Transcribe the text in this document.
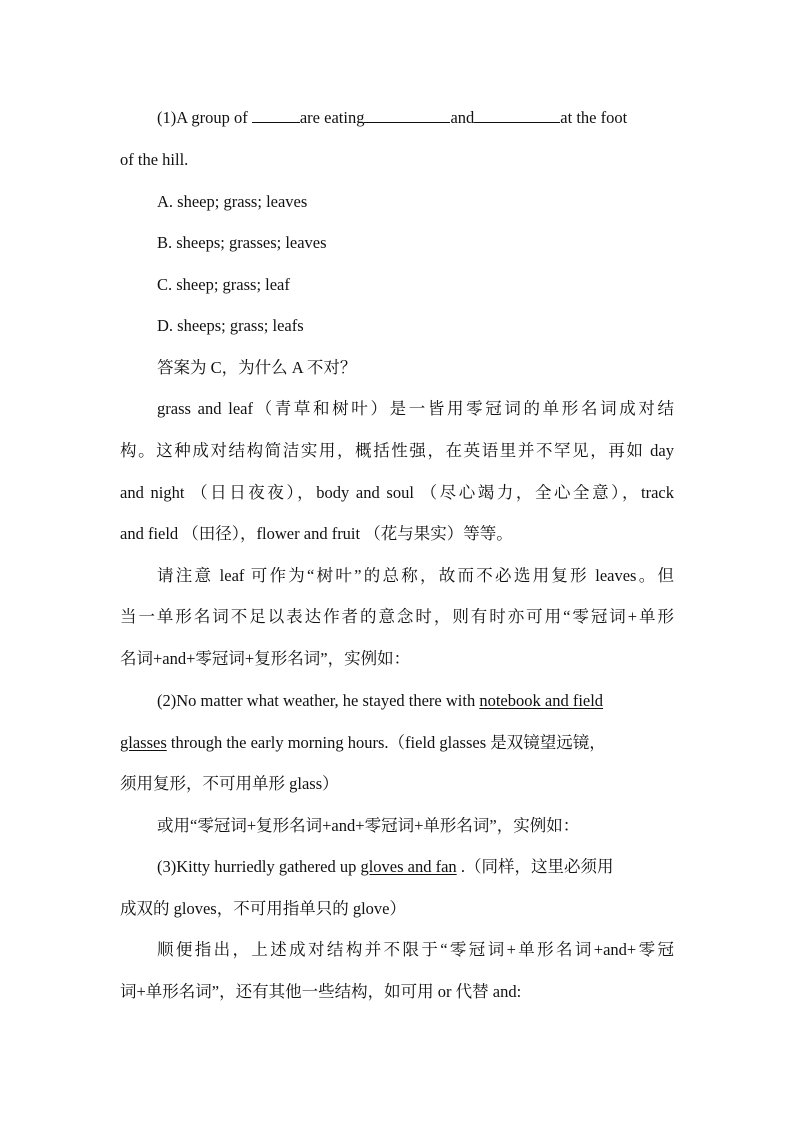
(1)A group of	are eating	and	at the foot
of the hill.
A. sheep; grass; leaves
B. sheeps; grasses; leaves
C. sheep; grass; leaf
D. sheeps; grass; leafs
答案为 C，为什么 A 不对？
grass and leaf（青草和树叶）是一皆用零冠词的单形名词成对结
构。这种成对结构简洁实用，概括性强，在英语里并不罕见，再如 day
and night （日日夜夜），body and soul （尽心竭力，全心全意），track
and field （田径），flower and fruit （花与果实）等等。
请注意 leaf 可作为“树叶”的总称，故而不必选用复形 leaves。但
当一单形名词不足以表达作者的意念时，则有时亦可用“零冠词+单形
名词+and+零冠词+复形名词”，实例如：
(2)No matter what weather, he stayed there with notebook and field
glasses through the early morning hours.（field glasses 是双镜望远镜，
须用复形，不可用单形 glass）
或用“零冠词+复形名词+and+零冠词+单形名词”，实例如：
(3)Kitty hurriedly gathered up gloves and fan .（同样，这里必须用
成双的 gloves，不可用指单只的 glove）
顺便指出，上述成对结构并不限于“零冠词+单形名词+and+零冠
词+单形名词”，还有其他一些结构，如可用 or 代替 and:
